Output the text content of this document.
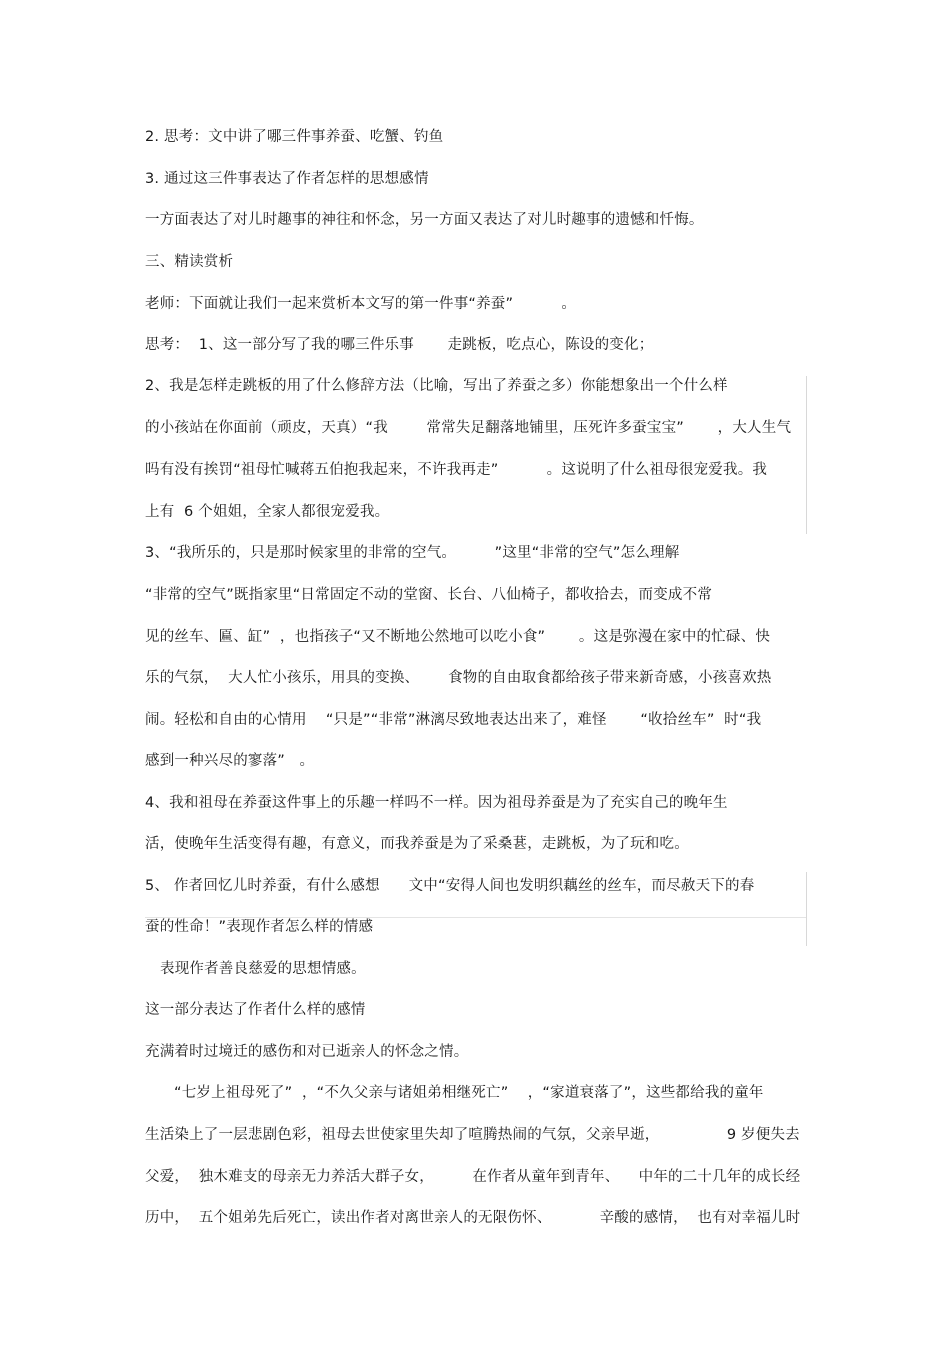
2. 思考：文中讲了哪三件事养蚕、吃蟹、钓鱼
3. 通过这三件事表达了作者怎样的思想感情
一方面表达了对儿时趣事的神往和怀念，另一方面又表达了对儿时趣事的遗憾和忏悔。
三、精读赏析
老师：下面就让我们一起来赏析本文写的第一件事“养蚕”          。
思考：  1、这一部分写了我的哪三件乐事       走跳板，吃点心，陈设的变化；
2、我是怎样走跳板的用了什么修辞方法（比喻，写出了养蚕之多）你能想象出一个什么样
的小孩站在你面前（顽皮，天真）“我        常常失足翻落地铺里，压死许多蚕宝宝”       ，大人生气
吗有没有挨罚“祖母忙喊蒋五伯抱我起来，不许我再走”          。这说明了什么祖母很宠爱我。我
上有  6 个姐姐，全家人都很宠爱我。
3、“我所乐的，只是那时候家里的非常的空气。        ”这里“非常的空气”怎么理解
“非常的空气”既指家里“日常固定不动的堂窗、长台、八仙椅子，都收拾去，而变成不常
见的丝车、匾、缸”  ，也指孩子“又不断地公然地可以吃小食”       。这是弥漫在家中的忙碌、快
乐的气氛，  大人忙小孩乐，用具的变换、      食物的自由取食都给孩子带来新奇感，小孩喜欢热
闹。轻松和自由的心情用    “只是”“非常”淋漓尽致地表达出来了，难怪       “收拾丝车”  时“我
感到一种兴尽的寥落”   。
4、我和祖母在养蚕这件事上的乐趣一样吗不一样。因为祖母养蚕是为了充实自己的晚年生
活，使晚年生活变得有趣，有意义，而我养蚕是为了采桑葚，走跳板，为了玩和吃。
5、 作者回忆儿时养蚕，有什么感想      文中“安得人间也发明织藕丝的丝车，而尽赦天下的春
蚕的性命！”表现作者怎么样的情感
表现作者善良慈爱的思想情感。
这一部分表达了作者什么样的感情
充满着时过境迁的感伤和对已逝亲人的怀念之情。
“七岁上祖母死了”  ，“不久父亲与诸姐弟相继死亡”    ，“家道衰落了”，这些都给我的童年
生活染上了一层悲剧色彩，祖母去世使家里失却了喧腾热闹的气氛，父亲早逝，              9 岁便失去
父爱，  独木难支的母亲无力养活大群子女，        在作者从童年到青年、    中年的二十几年的成长经
历中，  五个姐弟先后死亡，读出作者对离世亲人的无限伤怀、          辛酸的感情，  也有对幸福儿时
